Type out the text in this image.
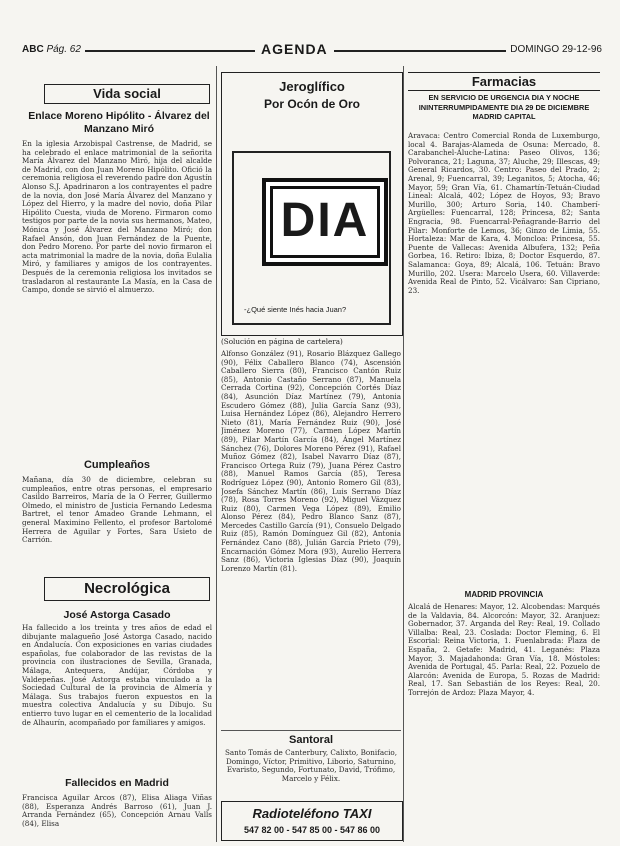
ABC Pág. 62	AGENDA	DOMINGO 29-12-96
Vida social
Enlace Moreno Hipólito - Álvarez del Manzano Miró
En la iglesia Arzobispal Castrense, de Madrid, se ha celebrado el enlace matrimonial de la señorita María Álvarez del Manzano Miró, hija del alcalde de Madrid, con don Juan Moreno Hipólito. Ofició la ceremonia religiosa el reverendo padre don Agustín Alonso S.J. Apadrinaron a los contrayentes el padre de la novia, don José María Álvarez del Manzano y López del Hierro, y la madre del novio, doña Pilar Hipólito Cuesta, viuda de Moreno. Firmaron como testigos por parte de la novia sus hermanos, Mateo, Mónica y José Álvarez del Manzano Miró; don Rafael Ansón, don Juan Fernández de la Puente, don Pedro Moreno. Por parte del novio firmaron el acta matrimonial la madre de la novia, doña Eulalia Miró, y familiares y amigos de los contrayentes. Después de la ceremonia religiosa los invitados se trasladaron al restaurante La Masía, en la Casa de Campo, donde se sirvió el almuerzo.
Cumpleaños
Mañana, día 30 de diciembre, celebran su cumpleaños, entre otras personas, el empresario Casildo Barreiros, María de la O Ferrer, Guillermo Olmedo, el ministro de Justicia Fernando Ledesma Bartret, el tenor Amadeo Grande Lehmann, el general Maximino Fellento, el profesor Bartolomé Herrera de Aguilar y Fortes, Sara Usieto de Carrión.
Necrológica
José Astorga Casado
Ha fallecido a los treinta y tres años de edad el dibujante malagueño José Astorga Casado, nacido en Andalucía. Con exposiciones en varias ciudades españolas, fue colaborador de las revistas de la provincia con ilustraciones de Sevilla, Granada, Málaga, Antequera, Andújar, Córdoba y Valdepeñas. José Astorga estaba vinculado a la Sociedad Cultural de la provincia de Almería y Málaga. Sus trabajos fueron expuestos en la muestra colectiva Andalucía y su Dibujo. Su entierro tuvo lugar en el cementerio de la localidad de Alhaurín, acompañado por familiares y amigos.
Fallecidos en Madrid
Francisca Aguilar Arcos (87), Elisa Aliaga Viñas (88), Esperanza Andrés Barroso (61), Juan J. Arranda Fernández (65), Concepción Arnau Valls (84), Elisa
Jeroglífico
Por Ocón de Oro
DIA
-¿Qué siente Inés hacia Juan?
(Solución en página de cartelera)
Alfonso González (91), Rosario Blázquez Gallego (90), Félix Caballero Blanco (74), Ascensión Caballero Sierra (80), Francisco Cantón Ruiz (85), Antonio Castaño Serrano (87), Manuela Cerrada Cortina (92), Concepción Cortés Díaz (84), Asunción Díaz Martínez (79), Antonia Escudero Gómez (88), Julia García Sanz (93), Luisa Hernández López (86), Alejandro Herrero Nieto (81), María Fernández Ruiz (90), José Jiménez Moreno (77), Carmen López Martín (89), Pilar Martín García (84), Ángel Martínez Sánchez (76), Dolores Moreno Pérez (91), Rafael Muñoz Gómez (82), Isabel Navarro Díaz (87), Francisco Ortega Ruiz (79), Juana Pérez Castro (88), Manuel Ramos García (85), Teresa Rodríguez López (90), Antonio Romero Gil (83), Josefa Sánchez Martín (86), Luis Serrano Díaz (78), Rosa Torres Moreno (92), Miguel Vázquez Ruiz (80), Carmen Vega López (89), Emilio Alonso Pérez (84), Pedro Blanco Sanz (87), Mercedes Castillo García (91), Consuelo Delgado Ruiz (85), Ramón Domínguez Gil (82), Antonia Fernández Cano (88), Julián García Prieto (79), Encarnación Gómez Mora (93), Aurelio Herrera Sanz (86), Victoria Iglesias Díaz (90), Joaquín Lorenzo Martín (81).
Santoral
Santo Tomás de Canterbury, Calixto, Bonifacio, Domingo, Víctor, Primitivo, Liborio, Saturnino, Evaristo, Segundo, Fortunato, David, Trófimo, Marcelo y Félix.
Radioteléfono TAXI
547 82 00 - 547 85 00 - 547 86 00
Farmacias
EN SERVICIO DE URGENCIA DIA Y NOCHE ININTERRUMPIDAMENTE DIA 29 DE DICIEMBRE MADRID CAPITAL
Aravaca: Centro Comercial Ronda de Luxemburgo, local 4. Barajas-Alameda de Osuna: Mercado, 8. Carabanchel-Aluche-Latina: Paseo Olivos, 136; Polvoranca, 21; Laguna, 37; Aluche, 29; Illescas, 49; General Ricardos, 30. Centro: Paseo del Prado, 2; Arenal, 9; Fuencarral, 39; Leganitos, 5; Atocha, 46; Mayor, 59; Gran Vía, 61. Chamartín-Tetuán-Ciudad Lineal: Alcalá, 402; López de Hoyos, 93; Bravo Murillo, 300; Arturo Soria, 140. Chamberí-Argüelles: Fuencarral, 128; Princesa, 82; Santa Engracia, 98. Fuencarral-Peñagrande-Barrio del Pilar: Monforte de Lemos, 36; Ginzo de Limia, 55. Hortaleza: Mar de Kara, 4. Moncloa: Princesa, 55. Puente de Vallecas: Avenida Albufera, 132; Peña Gorbea, 16. Retiro: Ibiza, 8; Doctor Esquerdo, 87. Salamanca: Goya, 89; Alcalá, 106. Tetuán: Bravo Murillo, 202. Usera: Marcelo Usera, 60. Villaverde: Avenida Real de Pinto, 52. Vicálvaro: San Cipriano, 23.
MADRID PROVINCIA
Alcalá de Henares: Mayor, 12. Alcobendas: Marqués de la Valdavia, 84. Alcorcón: Mayor, 32. Aranjuez: Gobernador, 37. Arganda del Rey: Real, 19. Collado Villalba: Real, 23. Coslada: Doctor Fleming, 6. El Escorial: Reina Victoria, 1. Fuenlabrada: Plaza de España, 2. Getafe: Madrid, 41. Leganés: Plaza Mayor, 3. Majadahonda: Gran Vía, 18. Móstoles: Avenida de Portugal, 45. Parla: Real, 22. Pozuelo de Alarcón: Avenida de Europa, 5. Rozas de Madrid: Real, 17. San Sebastián de los Reyes: Real, 20. Torrejón de Ardoz: Plaza Mayor, 4.
